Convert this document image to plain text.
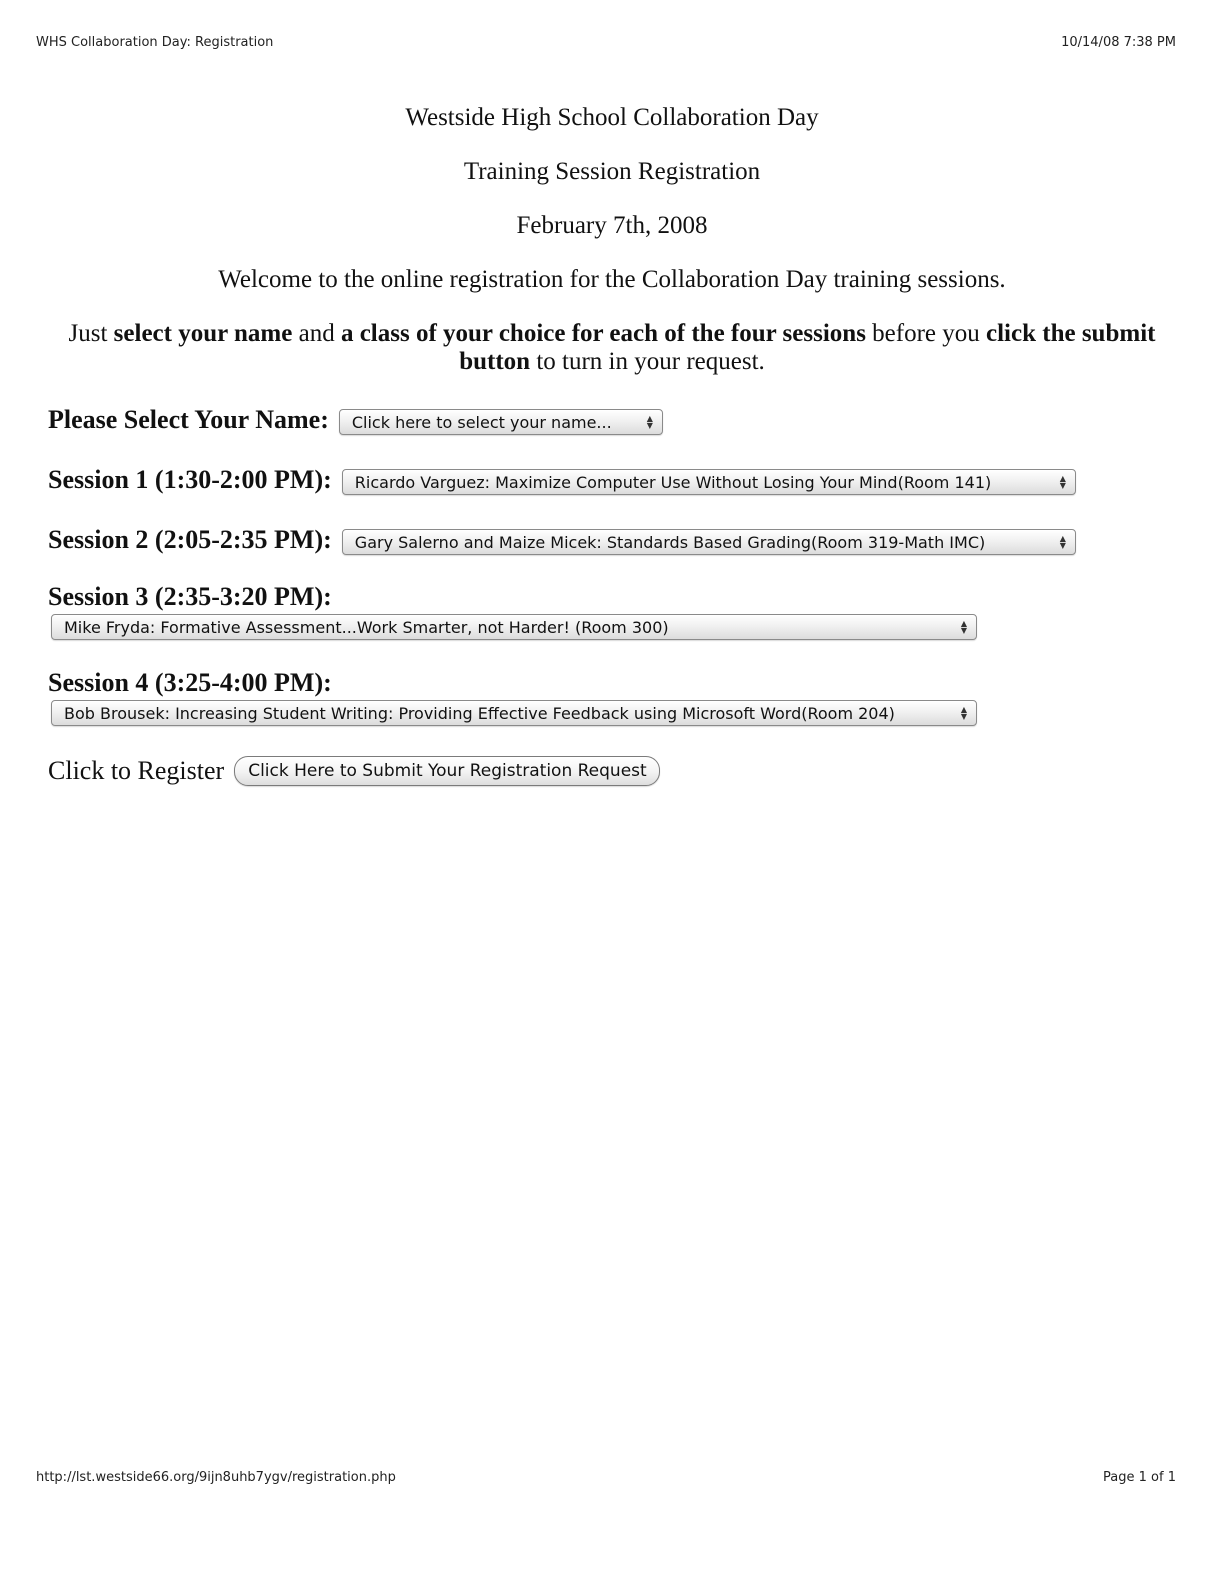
WHS Collaboration Day: Registration	10/14/08 7:38 PM
Westside High School Collaboration Day
Training Session Registration
February 7th, 2008
Welcome to the online registration for the Collaboration Day training sessions.
Just select your name and a class of your choice for each of the four sessions before you click the submit button to turn in your request.
Please Select Your Name:	Click here to select your name...	▲
▼
Session 1 (1:30-2:00 PM):	Ricardo Varguez: Maximize Computer Use Without Losing Your Mind(Room 141)	▲
▼
Session 2 (2:05-2:35 PM):	Gary Salerno and Maize Micek: Standards Based Grading(Room 319-Math IMC)	▲
▼
Session 3 (2:35-3:20 PM):
Mike Fryda: Formative Assessment...Work Smarter, not Harder! (Room 300)	▲
▼
Session 4 (3:25-4:00 PM):
Bob Brousek: Increasing Student Writing: Providing Effective Feedback using Microsoft Word(Room 204)	▲
▼
Click to Register	Click Here to Submit Your Registration Request
http://lst.westside66.org/9ijn8uhb7ygv/registration.php	Page 1 of 1
